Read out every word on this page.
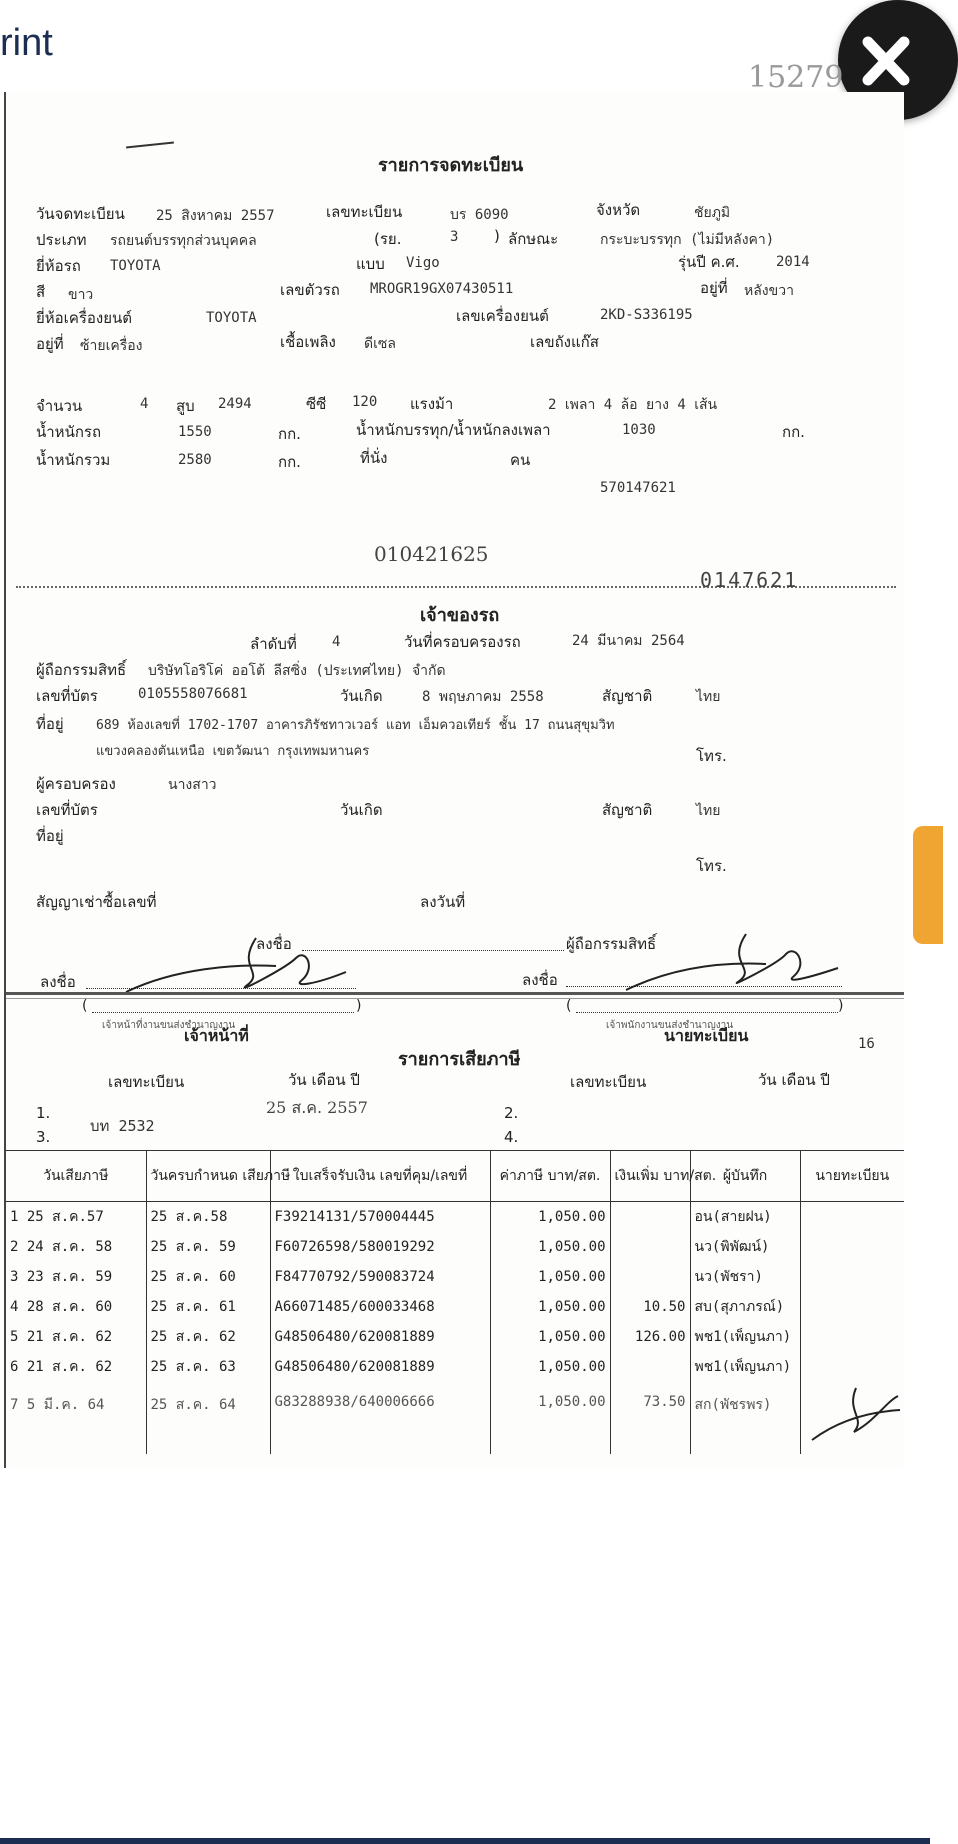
rint
15279
รายการจดทะเบียน
วันจดทะเบียน 25 สิงหาคม 2557	เลขทะเบียน	บร 6090	จังหวัด	ชัยภูมิ
ประเภท รถยนต์บรรทุกส่วนบุคคล	(รย.	3 ) ลักษณะ	กระบะบรรทุก (ไม่มีหลังคา)
ยี่ห้อรถ TOYOTA	แบบ Vigo	รุ่นปี ค.ศ.	2014
สี ขาว	เลขตัวรถ MROGR19GX07430511	อยู่ที่ หลังขวา
ยี่ห้อเครื่องยนต์	TOYOTA	เลขเครื่องยนต์	2KD-S336195
อยู่ที่ ซ้ายเครื่อง	เชื้อเพลิง ดีเซล	เลขถังแก๊ส
จำนวน	4 สูบ 2494	ซีซี 120 แรงม้า	2 เพลา 4 ล้อ ยาง 4 เส้น
น้ำหนักรถ	1550	กก.	น้ำหนักบรรทุก/น้ำหนักลงเพลา	1030	กก.
น้ำหนักรวม	2580	กก.	ที่นั่ง	คน
570147621
010421625
0147621
เจ้าของรถ
ลำดับที่	4	วันที่ครอบครองรถ	24 มีนาคม 2564
ผู้ถือกรรมสิทธิ์ บริษัทโอริโค่ ออโต้ ลีสซิ่ง (ประเทศไทย) จำกัด
เลขที่บัตร	0105558076681	วันเกิด	8 พฤษภาคม 2558	สัญชาติ	ไทย
ที่อยู่ 689 ห้องเลขที่ 1702-1707 อาคารภิรัชทาวเวอร์ แอท เอ็มควอเทียร์ ชั้น 17 ถนนสุขุมวิท
แขวงคลองตันเหนือ เขตวัฒนา กรุงเทพมหานคร	โทร.
ผู้ครอบครอง	นางสาว
เลขที่บัตร	วันเกิด	สัญชาติ	ไทย
ที่อยู่
โทร.
สัญญาเช่าซื้อเลขที่	ลงวันที่
ลงชื่อ	ผู้ถือกรรมสิทธิ์
ลงชื่อ	ลงชื่อ
(	)	(	)
เจ้าหน้าที่งานขนส่งชำนาญงาน	เจ้าพนักงานขนส่งชำนาญงาน
เจ้าหน้าที่	นายทะเบียน	16
รายการเสียภาษี
เลขทะเบียน	วัน เดือน ปี	เลขทะเบียน	วัน เดือน ปี
1.
บท 2532
25 ส.ค. 2557	2.
3.	4.
วันเสียภาษี	วันครบกำหนด เสียภาษี	ใบเสร็จรับเงิน เลขที่คุม/เลขที่	ค่าภาษี บาท/สต.	เงินเพิ่ม บาท/สต.	ผู้บันทึก	นายทะเบียน
1 25 ส.ค.57	25 ส.ค.58	F39214131/570004445	1,050.00		อน(สายฝน)	
2 24 ส.ค. 58	25 ส.ค. 59	F60726598/580019292	1,050.00		นว(พิพัฒน์)	
3 23 ส.ค. 59	25 ส.ค. 60	F84770792/590083724	1,050.00		นว(พัชรา)	
4 28 ส.ค. 60	25 ส.ค. 61	A66071485/600033468	1,050.00	10.50	สบ(สุภาภรณ์)	
5 21 ส.ค. 62	25 ส.ค. 62	G48506480/620081889	1,050.00	126.00	พช1(เพ็ญนภา)	
6 21 ส.ค. 62	25 ส.ค. 63	G48506480/620081889	1,050.00		พช1(เพ็ญนภา)	
7 5 มี.ค. 64	25 ส.ค. 64	G83288938/640006666	1,050.00	73.50	สก(พัชรพร)	
